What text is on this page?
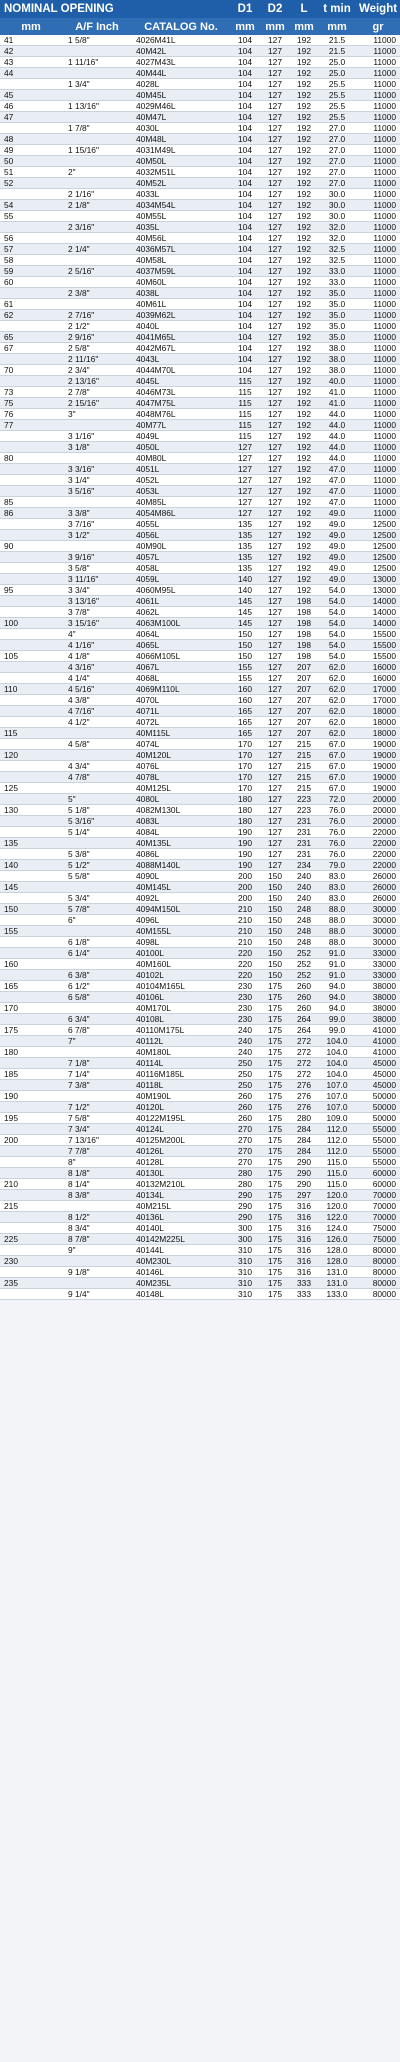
NOMINAL OPENING			D1	D2	L	t min	Weight
mm	A/F Inch	CATALOG No.	mm	mm	mm	mm	gr
41	1 5/8"	4026M41L	104	127	192	21.5	11000
42		40M42L	104	127	192	21.5	11000
43	1 11/16"	4027M43L	104	127	192	25.0	11000
44		40M44L	104	127	192	25.0	11000
	1 3/4"	4028L	104	127	192	25.5	11000
45		40M45L	104	127	192	25.5	11000
46	1 13/16"	4029M46L	104	127	192	25.5	11000
47		40M47L	104	127	192	25.5	11000
	1 7/8"	4030L	104	127	192	27.0	11000
48		40M48L	104	127	192	27.0	11000
49	1 15/16"	4031M49L	104	127	192	27.0	11000
50		40M50L	104	127	192	27.0	11000
51	2"	4032M51L	104	127	192	27.0	11000
52		40M52L	104	127	192	27.0	11000
	2 1/16"	4033L	104	127	192	30.0	11000
54	2 1/8"	4034M54L	104	127	192	30.0	11000
55		40M55L	104	127	192	30.0	11000
	2 3/16"	4035L	104	127	192	32.0	11000
56		40M56L	104	127	192	32.0	11000
57	2 1/4"	4036M57L	104	127	192	32.5	11000
58		40M58L	104	127	192	32.5	11000
59	2 5/16"	4037M59L	104	127	192	33.0	11000
60		40M60L	104	127	192	33.0	11000
	2 3/8"	4038L	104	127	192	35.0	11000
61		40M61L	104	127	192	35.0	11000
62	2 7/16"	4039M62L	104	127	192	35.0	11000
	2 1/2"	4040L	104	127	192	35.0	11000
65	2 9/16"	4041M65L	104	127	192	35.0	11000
67	2 5/8"	4042M67L	104	127	192	38.0	11000
	2 11/16"	4043L	104	127	192	38.0	11000
70	2 3/4"	4044M70L	104	127	192	38.0	11000
	2 13/16"	4045L	115	127	192	40.0	11000
73	2 7/8"	4046M73L	115	127	192	41.0	11000
75	2 15/16"	4047M75L	115	127	192	41.0	11000
76	3"	4048M76L	115	127	192	44.0	11000
77		40M77L	115	127	192	44.0	11000
	3 1/16"	4049L	115	127	192	44.0	11000
	3 1/8"	4050L	127	127	192	44.0	11000
80		40M80L	127	127	192	44.0	11000
	3 3/16"	4051L	127	127	192	47.0	11000
	3 1/4"	4052L	127	127	192	47.0	11000
	3 5/16"	4053L	127	127	192	47.0	11000
85		40M85L	127	127	192	47.0	11000
86	3 3/8"	4054M86L	127	127	192	49.0	11000
	3 7/16"	4055L	135	127	192	49.0	12500
	3 1/2"	4056L	135	127	192	49.0	12500
90		40M90L	135	127	192	49.0	12500
	3 9/16"	4057L	135	127	192	49.0	12500
	3 5/8"	4058L	135	127	192	49.0	12500
	3 11/16"	4059L	140	127	192	49.0	13000
95	3 3/4"	4060M95L	140	127	192	54.0	13000
	3 13/16"	4061L	145	127	198	54.0	14000
	3 7/8"	4062L	145	127	198	54.0	14000
100	3 15/16"	4063M100L	145	127	198	54.0	14000
	4"	4064L	150	127	198	54.0	15500
	4 1/16"	4065L	150	127	198	54.0	15500
105	4 1/8"	4066M105L	150	127	198	54.0	15500
	4 3/16"	4067L	155	127	207	62.0	16000
	4 1/4"	4068L	155	127	207	62.0	16000
110	4 5/16"	4069M110L	160	127	207	62.0	17000
	4 3/8"	4070L	160	127	207	62.0	17000
	4 7/16"	4071L	165	127	207	62.0	18000
	4 1/2"	4072L	165	127	207	62.0	18000
115		40M115L	165	127	207	62.0	18000
	4 5/8"	4074L	170	127	215	67.0	19000
120		40M120L	170	127	215	67.0	19000
	4 3/4"	4076L	170	127	215	67.0	19000
	4 7/8"	4078L	170	127	215	67.0	19000
125		40M125L	170	127	215	67.0	19000
	5"	4080L	180	127	223	72.0	20000
130	5 1/8"	4082M130L	180	127	223	76.0	20000
	5 3/16"	4083L	180	127	231	76.0	20000
	5 1/4"	4084L	190	127	231	76.0	22000
135		40M135L	190	127	231	76.0	22000
	5 3/8"	4086L	190	127	231	76.0	22000
140	5 1/2"	4088M140L	190	127	234	79.0	22000
	5 5/8"	4090L	200	150	240	83.0	26000
145		40M145L	200	150	240	83.0	26000
	5 3/4"	4092L	200	150	240	83.0	26000
150	5 7/8"	4094M150L	210	150	248	88.0	30000
	6"	4096L	210	150	248	88.0	30000
155		40M155L	210	150	248	88.0	30000
	6 1/8"	4098L	210	150	248	88.0	30000
	6 1/4"	40100L	220	150	252	91.0	33000
160		40M160L	220	150	252	91.0	33000
	6 3/8"	40102L	220	150	252	91.0	33000
165	6 1/2"	40104M165L	230	175	260	94.0	38000
	6 5/8"	40106L	230	175	260	94.0	38000
170		40M170L	230	175	260	94.0	38000
	6 3/4"	40108L	230	175	264	99.0	38000
175	6 7/8"	40110M175L	240	175	264	99.0	41000
	7"	40112L	240	175	272	104.0	41000
180		40M180L	240	175	272	104.0	41000
	7 1/8"	40114L	250	175	272	104.0	45000
185	7 1/4"	40116M185L	250	175	272	104.0	45000
	7 3/8"	40118L	250	175	276	107.0	45000
190		40M190L	260	175	276	107.0	50000
	7 1/2"	40120L	260	175	276	107.0	50000
195	7 5/8"	40122M195L	260	175	280	109.0	50000
	7 3/4"	40124L	270	175	284	112.0	55000
200	7 13/16"	40125M200L	270	175	284	112.0	55000
	7 7/8"	40126L	270	175	284	112.0	55000
	8"	40128L	270	175	290	115.0	55000
	8 1/8"	40130L	280	175	290	115.0	60000
210	8 1/4"	40132M210L	280	175	290	115.0	60000
	8 3/8"	40134L	290	175	297	120.0	70000
215		40M215L	290	175	316	120.0	70000
	8 1/2"	40136L	290	175	316	122.0	70000
	8 3/4"	40140L	300	175	316	124.0	75000
225	8 7/8"	40142M225L	300	175	316	126.0	75000
	9"	40144L	310	175	316	128.0	80000
230		40M230L	310	175	316	128.0	80000
	9 1/8"	40146L	310	175	316	131.0	80000
235		40M235L	310	175	333	131.0	80000
	9 1/4"	40148L	310	175	333	133.0	80000
